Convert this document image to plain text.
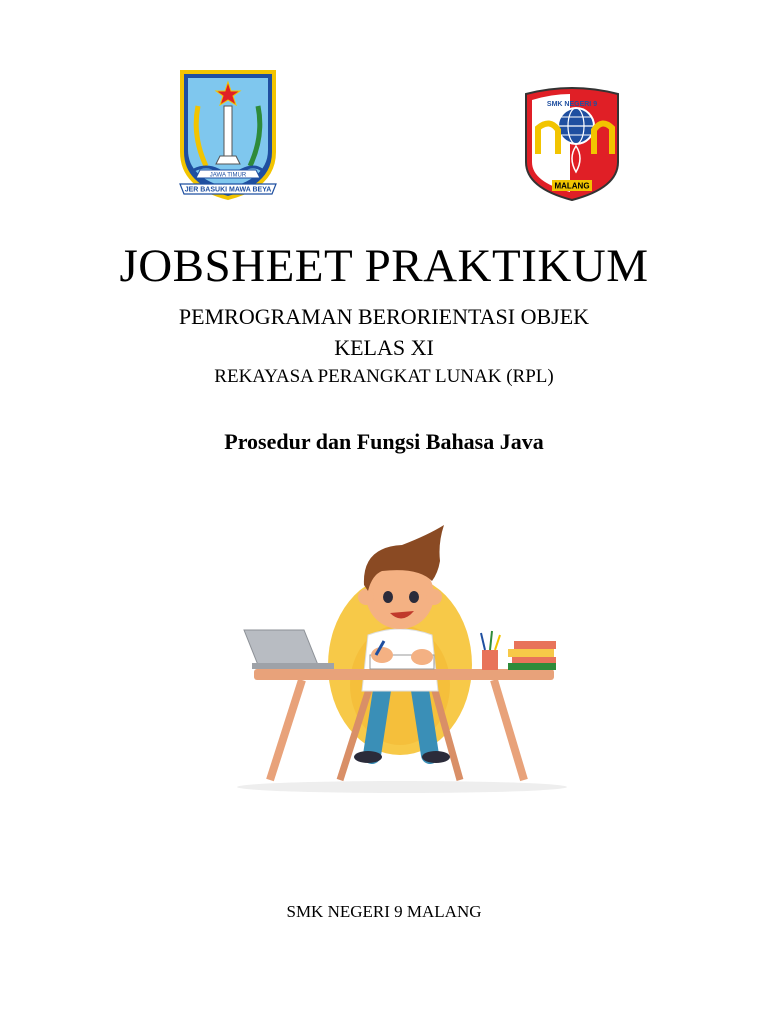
JAWA TIMUR
JER BASUKI MAWA BEYA
SMK NEGERI 9
MALANG
JOBSHEET PRAKTIKUM
PEMROGRAMAN BERORIENTASI OBJEK
KELAS XI
REKAYASA PERANGKAT LUNAK (RPL)
Prosedur dan Fungsi Bahasa Java
SMK NEGERI 9 MALANG
